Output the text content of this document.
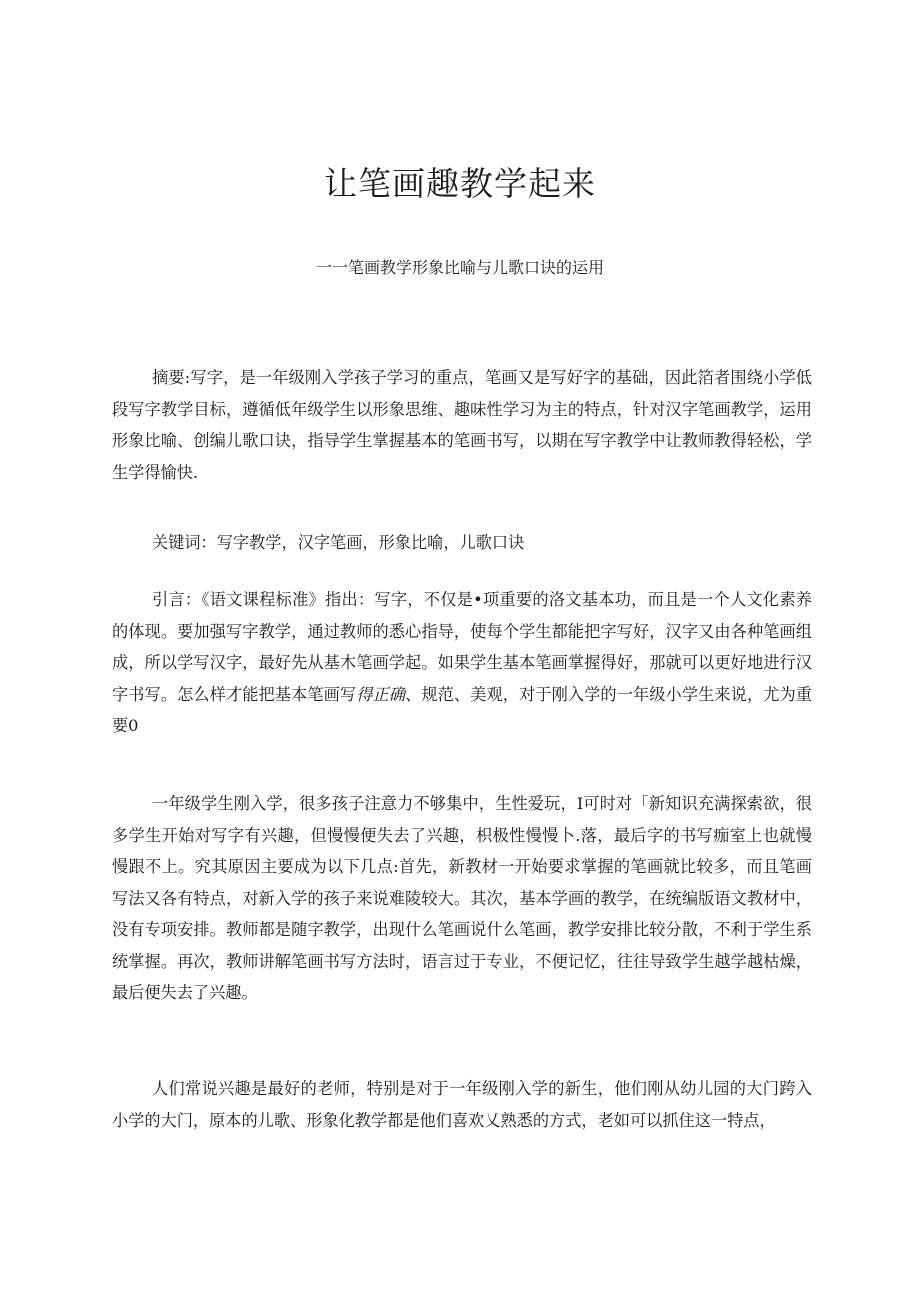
让笔画趣教学起来
一一笔画教学形象比喻与儿歌口诀的运用

摘要:写字，是一年级刚入学孩子学习的重点，笔画又是写好字的基础，因此箔者围绕小学低段写字教学目标，遵循低年级学生以形象思维、趣味性学习为主的特点，针对汉字笔画教学，运用形象比喻、创编儿歌口诀，指导学生掌握基本的笔画书写，以期在写字教学中让教师教得轻松，学生学得愉快.

关键词：写字教学，汉字笔画，形象比喻，儿歌口诀

引言：《语文课程标准》指出：写字，不仅是•项重要的洛文基本功，而且是一个人文化素养的体现。要加强写字教学，通过教师的悉心指导，使每个学生都能把字写好，汉字又由各种笔画组成，所以学写汉字，最好先从基木笔画学起。如果学生基本笔画掌握得好，那就可以更好地进行汉字书写。怎么样才能把基本笔画写得正确、规范、美观，对于刚入学的一年级小学生来说，尤为重要0

一年级学生刚入学，很多孩子注意力不够集中，生性爱玩，I可时对「新知识充满探索欲，很多学生开始对写字有兴趣，但慢慢便失去了兴趣，枳极性慢慢卜.落，最后字的书写痂室上也就慢慢跟不上。究其原因主要成为以下几点:首先，新教材一开始要求掌握的笔画就比较多，而且笔画写法又各有特点，对新入学的孩子来说难陵较大。其次，基本学画的教学，在统编版语文教材中，没有专项安排。教师都是随字教学，出现什么笔画说什么笔画，教学安排比较分散，不利于学生系统掌握。再次，教师讲解笔画书写方法时，语言过于专业，不便记忆，往往导致学生越学越枯燥，最后便失去了兴趣。

人们常说兴趣是最好的老师，特别是对于一年级刚入学的新生，他们刚从幼儿园的大门跨入小学的大门，原本的儿歌、形象化教学都是他们喜欢乂熟悉的方式，老如可以抓住这一特点，
